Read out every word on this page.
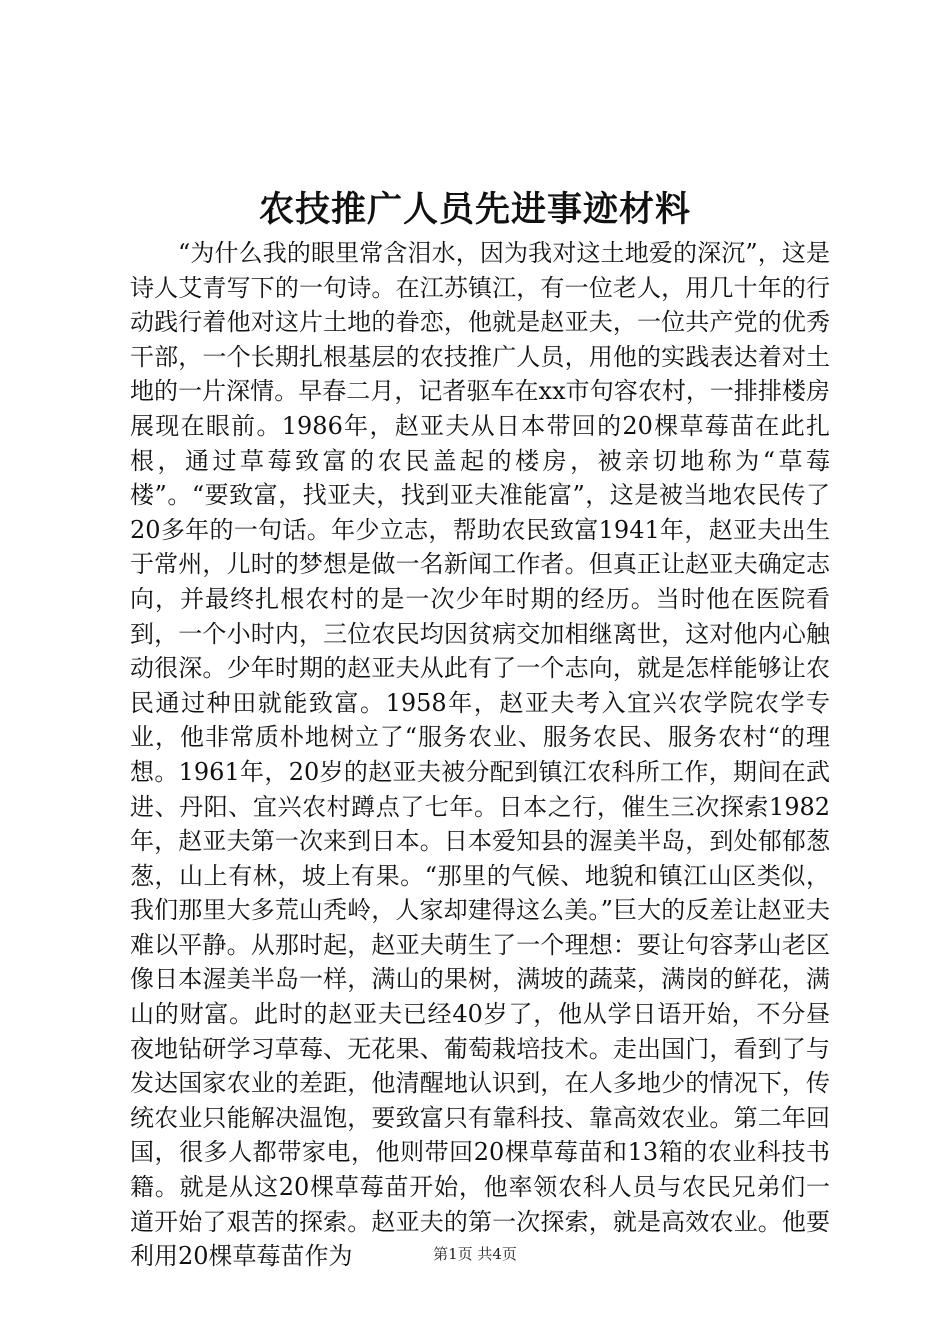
农技推广人员先进事迹材料

“为什么我的眼里常含泪水，因为我对这土地爱的深沉”，这是诗人艾青写下的一句诗。在江苏镇江，有一位老人，用几十年的行动践行着他对这片土地的眷恋，他就是赵亚夫，一位共产党的优秀干部，一个长期扎根基层的农技推广人员，用他的实践表达着对土地的一片深情。早春二月，记者驱车在xx市句容农村，一排排楼房展现在眼前。1986年，赵亚夫从日本带回的20棵草莓苗在此扎根，通过草莓致富的农民盖起的楼房，被亲切地称为“草莓楼”。“要致富，找亚夫，找到亚夫准能富”，这是被当地农民传了20多年的一句话。年少立志，帮助农民致富1941年，赵亚夫出生于常州，儿时的梦想是做一名新闻工作者。但真正让赵亚夫确定志向，并最终扎根农村的是一次少年时期的经历。当时他在医院看到，一个小时内，三位农民均因贫病交加相继离世，这对他内心触动很深。少年时期的赵亚夫从此有了一个志向，就是怎样能够让农民通过种田就能致富。1958年，赵亚夫考入宜兴农学院农学专业，他非常质朴地树立了“服务农业、服务农民、服务农村“的理想。1961年，20岁的赵亚夫被分配到镇江农科所工作，期间在武进、丹阳、宜兴农村蹲点了七年。日本之行，催生三次探索1982年，赵亚夫第一次来到日本。日本爱知县的渥美半岛，到处郁郁葱葱，山上有林，坡上有果。“那里的气候、地貌和镇江山区类似，我们那里大多荒山秃岭，人家却建得这么美。”巨大的反差让赵亚夫难以平静。从那时起，赵亚夫萌生了一个理想：要让句容茅山老区像日本渥美半岛一样，满山的果树，满坡的蔬菜，满岗的鲜花，满山的财富。此时的赵亚夫已经40岁了，他从学日语开始，不分昼夜地钻研学习草莓、无花果、葡萄栽培技术。走出国门，看到了与发达国家农业的差距，他清醒地认识到，在人多地少的情况下，传统农业只能解决温饱，要致富只有靠科技、靠高效农业。第二年回国，很多人都带家电，他则带回20棵草莓苗和13箱的农业科技书籍。就是从这20棵草莓苗开始，他率领农科人员与农民兄弟们一道开始了艰苦的探索。赵亚夫的第一次探索，就是高效农业。他要利用20棵草莓苗作为	第1页 共4页
